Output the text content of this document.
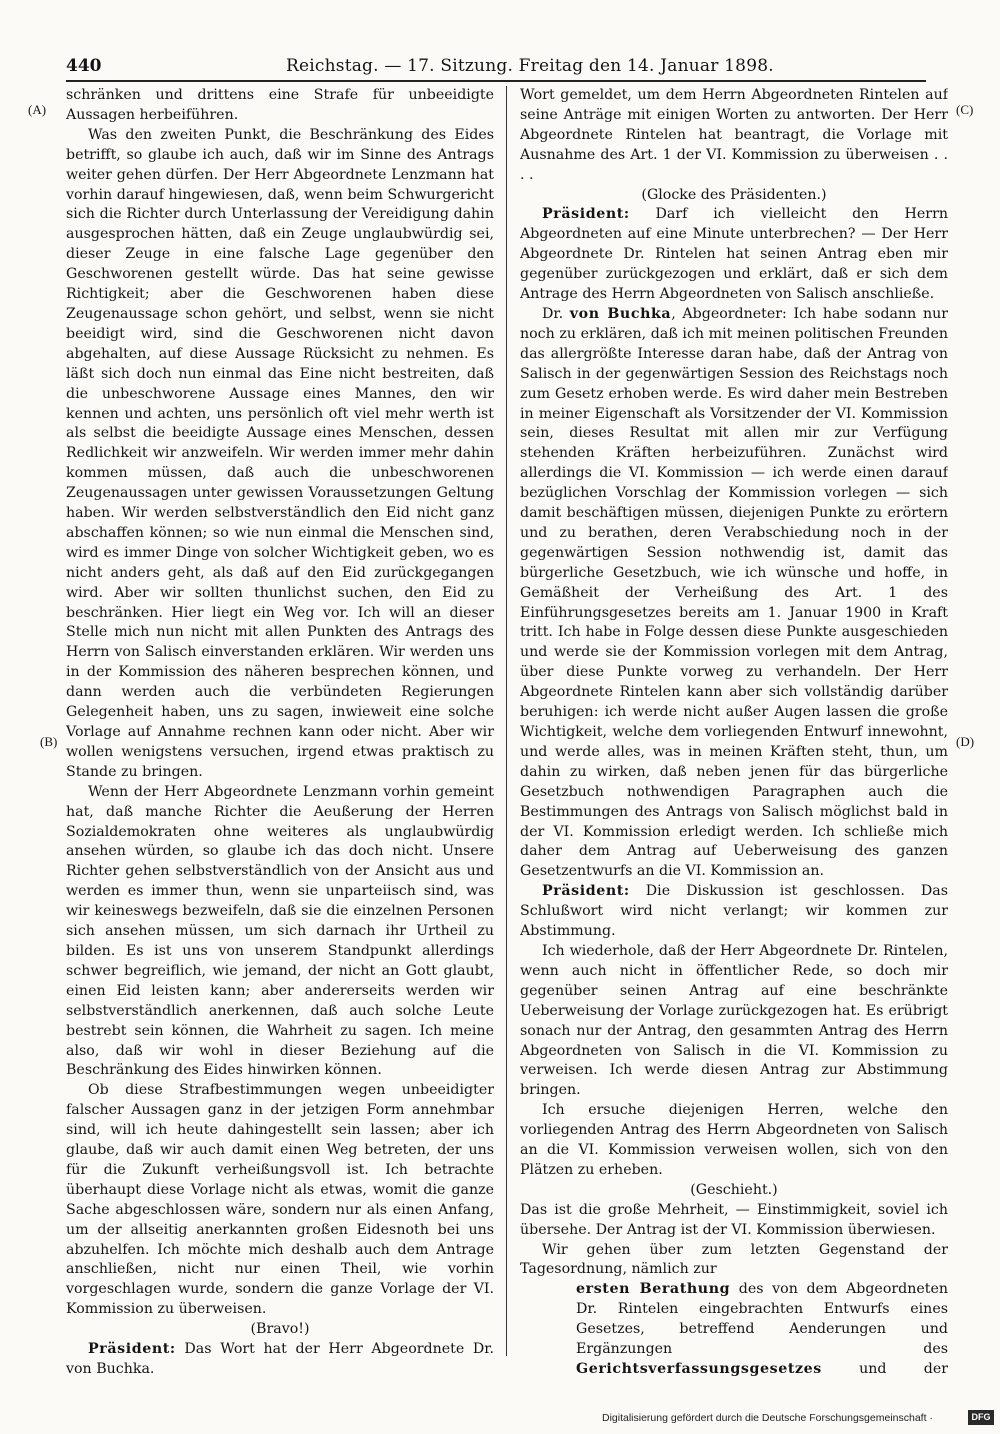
440	Reichstag. — 17. Sitzung. Freitag den 14. Januar 1898.
(A)
(B)
(C)
(D)

schränken und drittens eine Strafe für unbeeidigte Aussagen herbeiführen.

Was den zweiten Punkt, die Beschränkung des Eides betrifft, so glaube ich auch, daß wir im Sinne des Antrags weiter gehen dürfen. Der Herr Abgeordnete Lenzmann hat vorhin darauf hingewiesen, daß, wenn beim Schwurgericht sich die Richter durch Unterlassung der Vereidigung dahin ausgesprochen hätten, daß ein Zeuge unglaubwürdig sei, dieser Zeuge in eine falsche Lage gegenüber den Geschworenen gestellt würde. Das hat seine gewisse Richtigkeit; aber die Geschworenen haben diese Zeugenaussage schon gehört, und selbst, wenn sie nicht beeidigt wird, sind die Geschworenen nicht davon abgehalten, auf diese Aussage Rücksicht zu nehmen. Es läßt sich doch nun einmal das Eine nicht bestreiten, daß die unbeschworene Aussage eines Mannes, den wir kennen und achten, uns persönlich oft viel mehr werth ist als selbst die beeidigte Aussage eines Menschen, dessen Redlichkeit wir anzweifeln. Wir werden immer mehr dahin kommen müssen, daß auch die unbeschworenen Zeugenaussagen unter gewissen Voraussetzungen Geltung haben. Wir werden selbstverständlich den Eid nicht ganz abschaffen können; so wie nun einmal die Menschen sind, wird es immer Dinge von solcher Wichtigkeit geben, wo es nicht anders geht, als daß auf den Eid zurückgegangen wird. Aber wir sollten thunlichst suchen, den Eid zu beschränken. Hier liegt ein Weg vor. Ich will an dieser Stelle mich nun nicht mit allen Punkten des Antrags des Herrn von Salisch einverstanden erklären. Wir werden uns in der Kommission des näheren besprechen können, und dann werden auch die verbündeten Regierungen Gelegenheit haben, uns zu sagen, inwieweit eine solche Vorlage auf Annahme rechnen kann oder nicht. Aber wir wollen wenigstens versuchen, irgend etwas praktisch zu Stande zu bringen.

Wenn der Herr Abgeordnete Lenzmann vorhin gemeint hat, daß manche Richter die Aeußerung der Herren Sozialdemokraten ohne weiteres als unglaubwürdig ansehen würden, so glaube ich das doch nicht. Unsere Richter gehen selbstverständlich von der Ansicht aus und werden es immer thun, wenn sie unparteiisch sind, was wir keineswegs bezweifeln, daß sie die einzelnen Personen sich ansehen müssen, um sich darnach ihr Urtheil zu bilden. Es ist uns von unserem Standpunkt allerdings schwer begreiflich, wie jemand, der nicht an Gott glaubt, einen Eid leisten kann; aber andererseits werden wir selbstverständlich anerkennen, daß auch solche Leute bestrebt sein können, die Wahrheit zu sagen. Ich meine also, daß wir wohl in dieser Beziehung auf die Beschränkung des Eides hinwirken können.

Ob diese Strafbestimmungen wegen unbeeidigter falscher Aussagen ganz in der jetzigen Form annehmbar sind, will ich heute dahingestellt sein lassen; aber ich glaube, daß wir auch damit einen Weg betreten, der uns für die Zukunft verheißungsvoll ist. Ich betrachte überhaupt diese Vorlage nicht als etwas, womit die ganze Sache abgeschlossen wäre, sondern nur als einen Anfang, um der allseitig anerkannten großen Eidesnoth bei uns abzuhelfen. Ich möchte mich deshalb auch dem Antrage anschließen, nicht nur einen Theil, wie vorhin vorgeschlagen wurde, sondern die ganze Vorlage der VI. Kommission zu überweisen.

(Bravo!)

Präsident: Das Wort hat der Herr Abgeordnete Dr. von Buchka.

Wort gemeldet, um dem Herrn Abgeordneten Rintelen auf seine Anträge mit einigen Worten zu antworten. Der Herr Abgeordnete Rintelen hat beantragt, die Vorlage mit Ausnahme des Art. 1 der VI. Kommission zu überweisen . . . .

(Glocke des Präsidenten.)

Präsident: Darf ich vielleicht den Herrn Abgeordneten auf eine Minute unterbrechen? — Der Herr Abgeordnete Dr. Rintelen hat seinen Antrag eben mir gegenüber zurückgezogen und erklärt, daß er sich dem Antrage des Herrn Abgeordneten von Salisch anschließe.

Dr. von Buchka, Abgeordneter: Ich habe sodann nur noch zu erklären, daß ich mit meinen politischen Freunden das allergrößte Interesse daran habe, daß der Antrag von Salisch in der gegenwärtigen Session des Reichstags noch zum Gesetz erhoben werde. Es wird daher mein Bestreben in meiner Eigenschaft als Vorsitzender der VI. Kommission sein, dieses Resultat mit allen mir zur Verfügung stehenden Kräften herbeizuführen. Zunächst wird allerdings die VI. Kommission — ich werde einen darauf bezüglichen Vorschlag der Kommission vorlegen — sich damit beschäftigen müssen, diejenigen Punkte zu erörtern und zu berathen, deren Verabschiedung noch in der gegenwärtigen Session nothwendig ist, damit das bürgerliche Gesetzbuch, wie ich wünsche und hoffe, in Gemäßheit der Verheißung des Art. 1 des Einführungsgesetzes bereits am 1. Januar 1900 in Kraft tritt. Ich habe in Folge dessen diese Punkte ausgeschieden und werde sie der Kommission vorlegen mit dem Antrag, über diese Punkte vorweg zu verhandeln. Der Herr Abgeordnete Rintelen kann aber sich vollständig darüber beruhigen: ich werde nicht außer Augen lassen die große Wichtigkeit, welche dem vorliegenden Entwurf innewohnt, und werde alles, was in meinen Kräften steht, thun, um dahin zu wirken, daß neben jenen für das bürgerliche Gesetzbuch nothwendigen Paragraphen auch die Bestimmungen des Antrags von Salisch möglichst bald in der VI. Kommission erledigt werden. Ich schließe mich daher dem Antrag auf Ueberweisung des ganzen Gesetzentwurfs an die VI. Kommission an.

Präsident: Die Diskussion ist geschlossen. Das Schlußwort wird nicht verlangt; wir kommen zur Abstimmung.

Ich wiederhole, daß der Herr Abgeordnete Dr. Rintelen, wenn auch nicht in öffentlicher Rede, so doch mir gegenüber seinen Antrag auf eine beschränkte Ueberweisung der Vorlage zurückgezogen hat. Es erübrigt sonach nur der Antrag, den gesammten Antrag des Herrn Abgeordneten von Salisch in die VI. Kommission zu verweisen. Ich werde diesen Antrag zur Abstimmung bringen.

Ich ersuche diejenigen Herren, welche den vorliegenden Antrag des Herrn Abgeordneten von Salisch an die VI. Kommission verweisen wollen, sich von den Plätzen zu erheben.

(Geschieht.)

Das ist die große Mehrheit, — Einstimmigkeit, soviel ich übersehe. Der Antrag ist der VI. Kommission überwiesen.

Wir gehen über zum letzten Gegenstand der Tagesordnung, nämlich zur

ersten Berathung des von dem Abgeordneten Dr. Rintelen eingebrachten Entwurfs eines Gesetzes, betreffend Aenderungen und Ergänzungen des Gerichtsverfassungsgesetzes und der

Digitalisierung gefördert durch die Deutsche Forschungsgemeinschaft ·	DFG
